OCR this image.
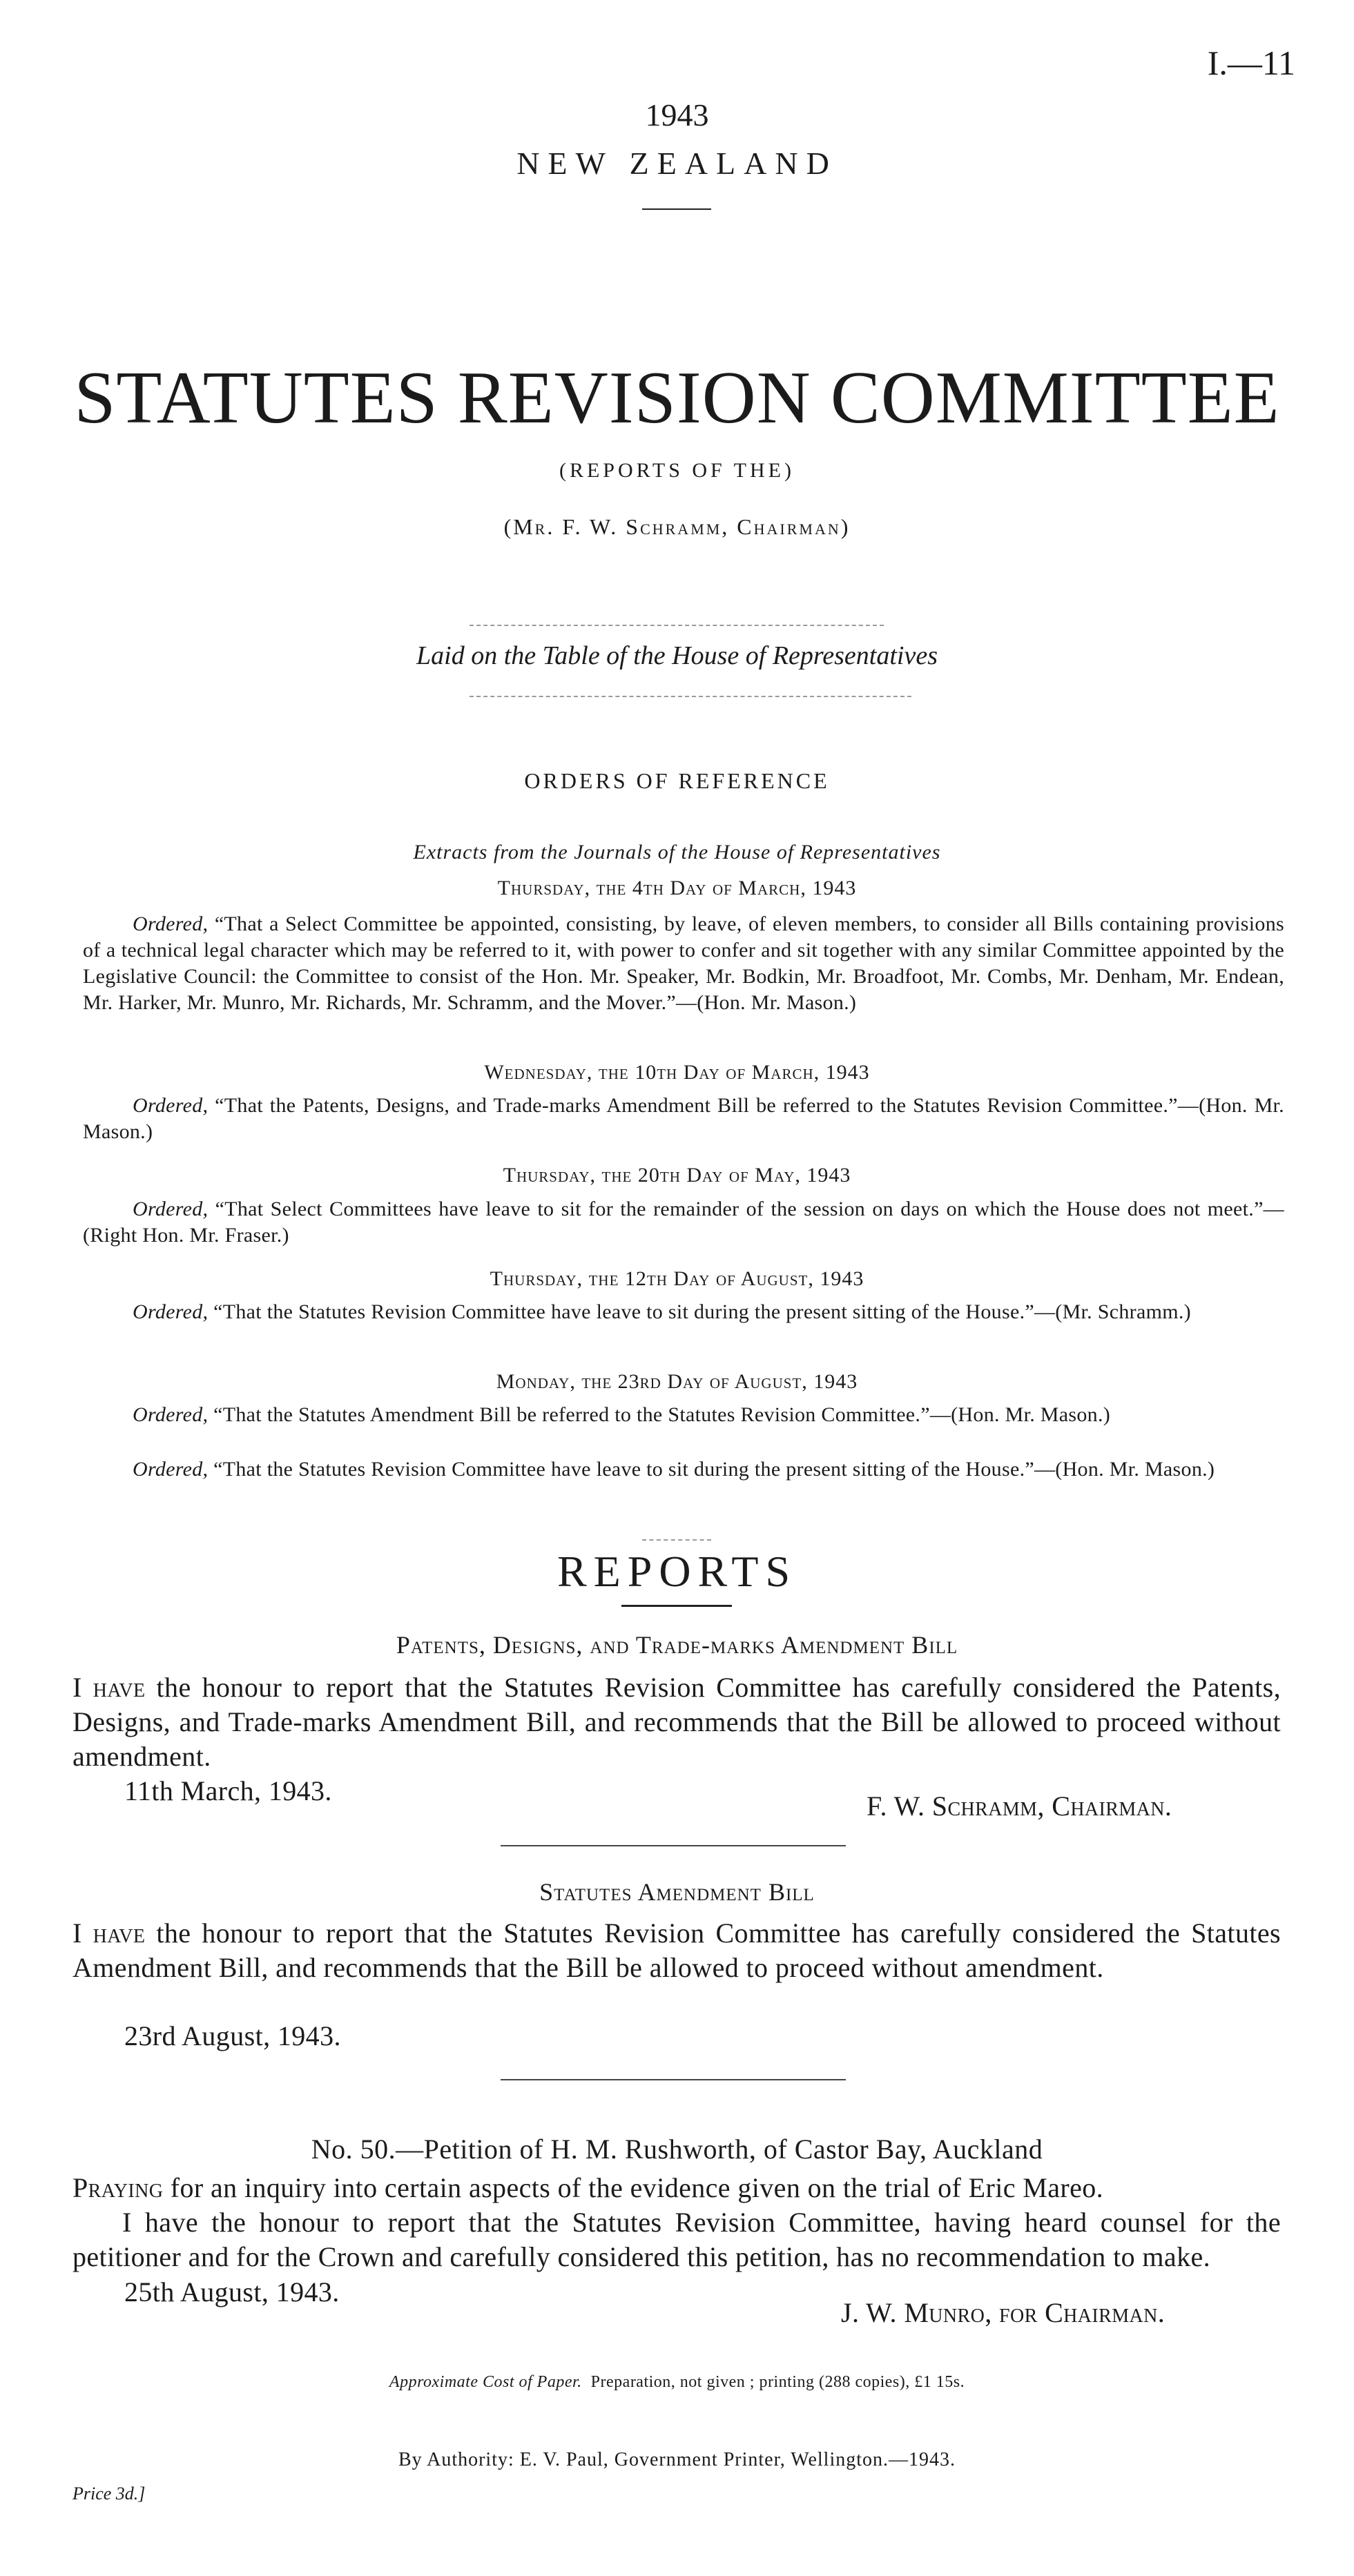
I.—11
1943
NEW ZEALAND
STATUTES REVISION COMMITTEE
(REPORTS OF THE)
(Mr. F. W. Schramm, Chairman)
Laid on the Table of the House of Representatives
ORDERS OF REFERENCE
Extracts from the Journals of the House of Representatives
Thursday, the 4th Day of March, 1943
Ordered, “That a Select Committee be appointed, consisting, by leave, of eleven members, to consider all Bills containing provisions of a technical legal character which may be referred to it, with power to confer and sit together with any similar Committee appointed by the Legislative Council: the Committee to consist of the Hon. Mr. Speaker, Mr. Bodkin, Mr. Broadfoot, Mr. Combs, Mr. Denham, Mr. Endean, Mr. Harker, Mr. Munro, Mr. Richards, Mr. Schramm, and the Mover.”—(Hon. Mr. Mason.)
Wednesday, the 10th Day of March, 1943
Ordered, “That the Patents, Designs, and Trade-marks Amendment Bill be referred to the Statutes Revision Committee.”—(Hon. Mr. Mason.)
Thursday, the 20th Day of May, 1943
Ordered, “That Select Committees have leave to sit for the remainder of the session on days on which the House does not meet.”—(Right Hon. Mr. Fraser.)
Thursday, the 12th Day of August, 1943
Ordered, “That the Statutes Revision Committee have leave to sit during the present sitting of the House.”—(Mr. Schramm.)
Monday, the 23rd Day of August, 1943
Ordered, “That the Statutes Amendment Bill be referred to the Statutes Revision Committee.”—(Hon. Mr. Mason.)
Ordered, “That the Statutes Revision Committee have leave to sit during the present sitting of the House.”—(Hon. Mr. Mason.)
REPORTS
Patents, Designs, and Trade-marks Amendment Bill
I have the honour to report that the Statutes Revision Committee has carefully considered the Patents, Designs, and Trade-marks Amendment Bill, and recommends that the Bill be allowed to proceed without amendment.
11th March, 1943.	F. W. Schramm, Chairman.
Statutes Amendment Bill
I have the honour to report that the Statutes Revision Committee has carefully considered the Statutes Amendment Bill, and recommends that the Bill be allowed to proceed without amendment.
23rd August, 1943.
No. 50.—Petition of H. M. Rushworth, of Castor Bay, Auckland
Praying for an inquiry into certain aspects of the evidence given on the trial of Eric Mareo.
I have the honour to report that the Statutes Revision Committee, having heard counsel for the petitioner and for the Crown and carefully considered this petition, has no recommendation to make.
25th August, 1943.
J. W. Munro, for Chairman.
Approximate Cost of Paper. Preparation, not given ; printing (288 copies), £1 15s.
By Authority: E. V. Paul, Government Printer, Wellington.—1943.
Price 3d.]
